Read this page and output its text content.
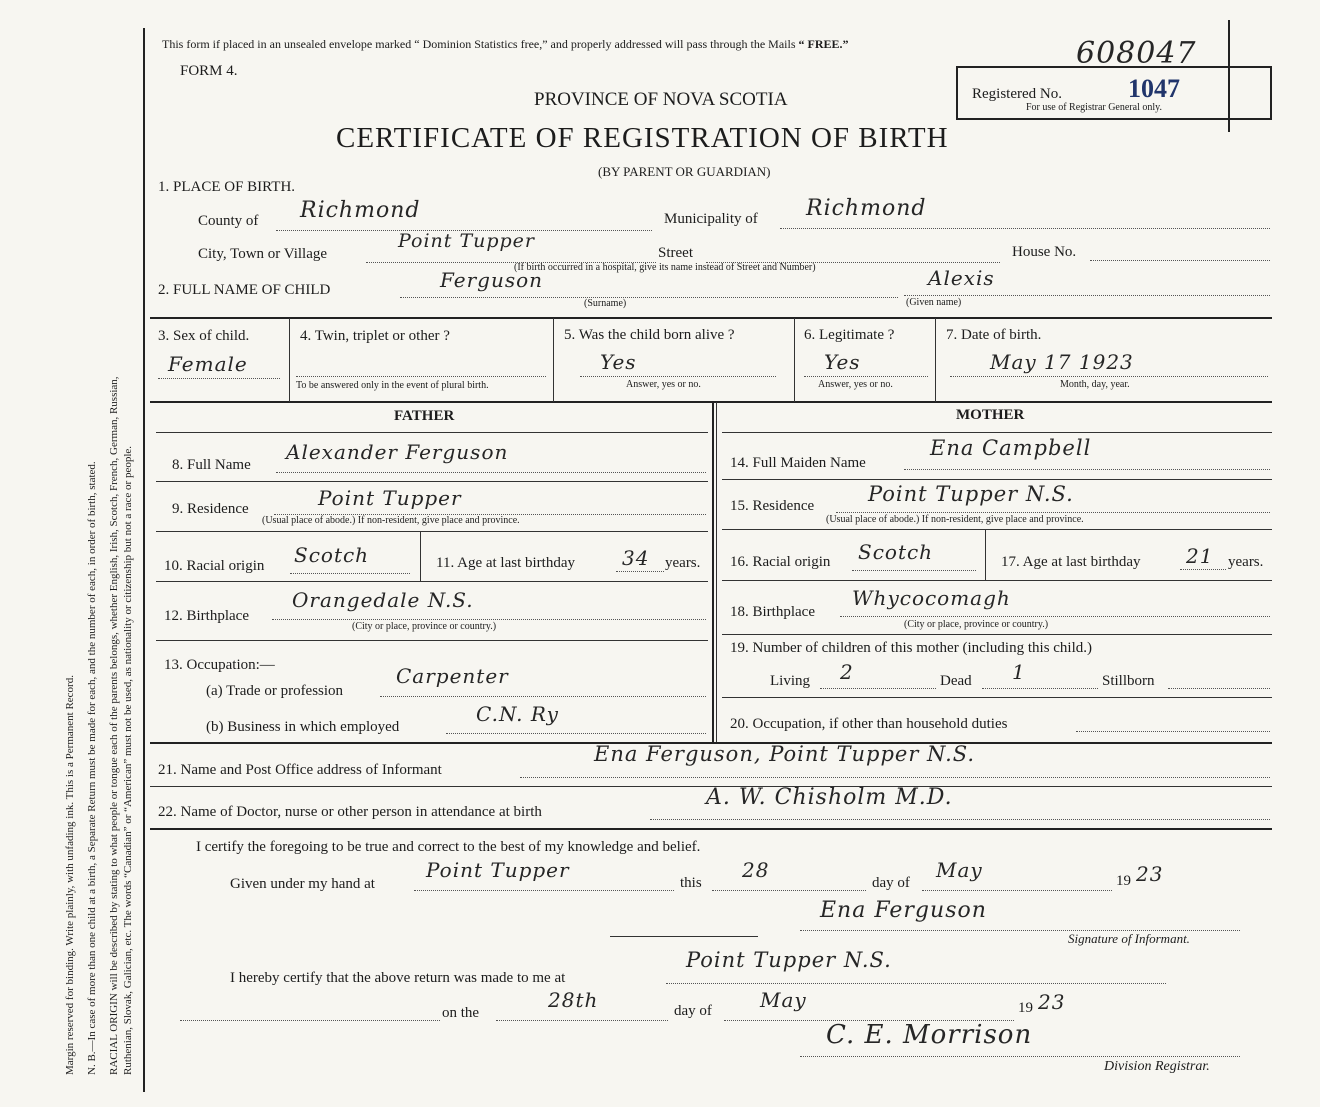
Margin reserved for binding. Write plainly, with unfading ink. This is a Permanent Record. N. B.—In case of more than one child at a birth, a Separate Return must be made for each, and the number of each, in order of birth, stated. RACIAL ORIGIN will be described by stating to what people or tongue each of the parents belongs, whether English, Irish, Scotch, French, German, Russian, Ruthenian, Slovak, Galician, etc. The words “Canadian” or “American” must not be used, as nationality or citizenship but not a race or people.
This form if placed in an unsealed envelope marked “ Dominion Statistics free,” and properly addressed will pass through the Mails “ FREE.”	608047
FORM 4.
Registered No.	1047
For use of Registrar General only.
PROVINCE OF NOVA SCOTIA
CERTIFICATE OF REGISTRATION OF BIRTH
(BY PARENT OR GUARDIAN)
1. PLACE OF BIRTH.
County of Richmond	Municipality of Richmond
City, Town or Village
Point Tupper
Street	House No.
(If birth occurred in a hospital, give its name instead of Street and Number)
2. FULL NAME OF CHILD	Ferguson
(Surname)
Alexis
(Given name)
3. Sex of child.
Female
4. Twin, triplet or other ?
To be answered only in the event of plural birth.
5. Was the child born alive ?
Yes
Answer, yes or no.
6. Legitimate ?
Yes
Answer, yes or no.
7. Date of birth.
May 17 1923
Month, day, year.
FATHER	MOTHER
8. Full Name
Alexander Ferguson
9. Residence	Point Tupper
(Usual place of abode.) If non-resident, give place and province.
10. Racial origin Scotch	11. Age at last birthday 34 years.
12. Birthplace
Orangedale N.S.
(City or place, province or country.)
13. Occupation:—
(a) Trade or profession
Carpenter
(b) Business in which employed
C.N. Ry
14. Full Maiden Name
Ena Campbell
15. Residence	Point Tupper N.S.
(Usual place of abode.) If non-resident, give place and province.
16. Racial origin Scotch	17. Age at last birthday 21 years.
18. Birthplace
Whycocomagh
(City or place, province or country.)
19. Number of children of this mother (including this child.)
Living 2	Dead 1	Stillborn
20. Occupation, if other than household duties
21. Name and Post Office address of Informant
Ena Ferguson, Point Tupper N.S.
22. Name of Doctor, nurse or other person in attendance at birth
A. W. Chisholm M.D.
I certify the foregoing to be true and correct to the best of my knowledge and belief.
Given under my hand at
Point Tupper
this
28
day of
May	19 23
Ena Ferguson
Signature of Informant.
I hereby certify that the above return was made to me at
Point Tupper N.S.
on the
28th	day of May	19 23
C. E. Morrison
Division Registrar.
